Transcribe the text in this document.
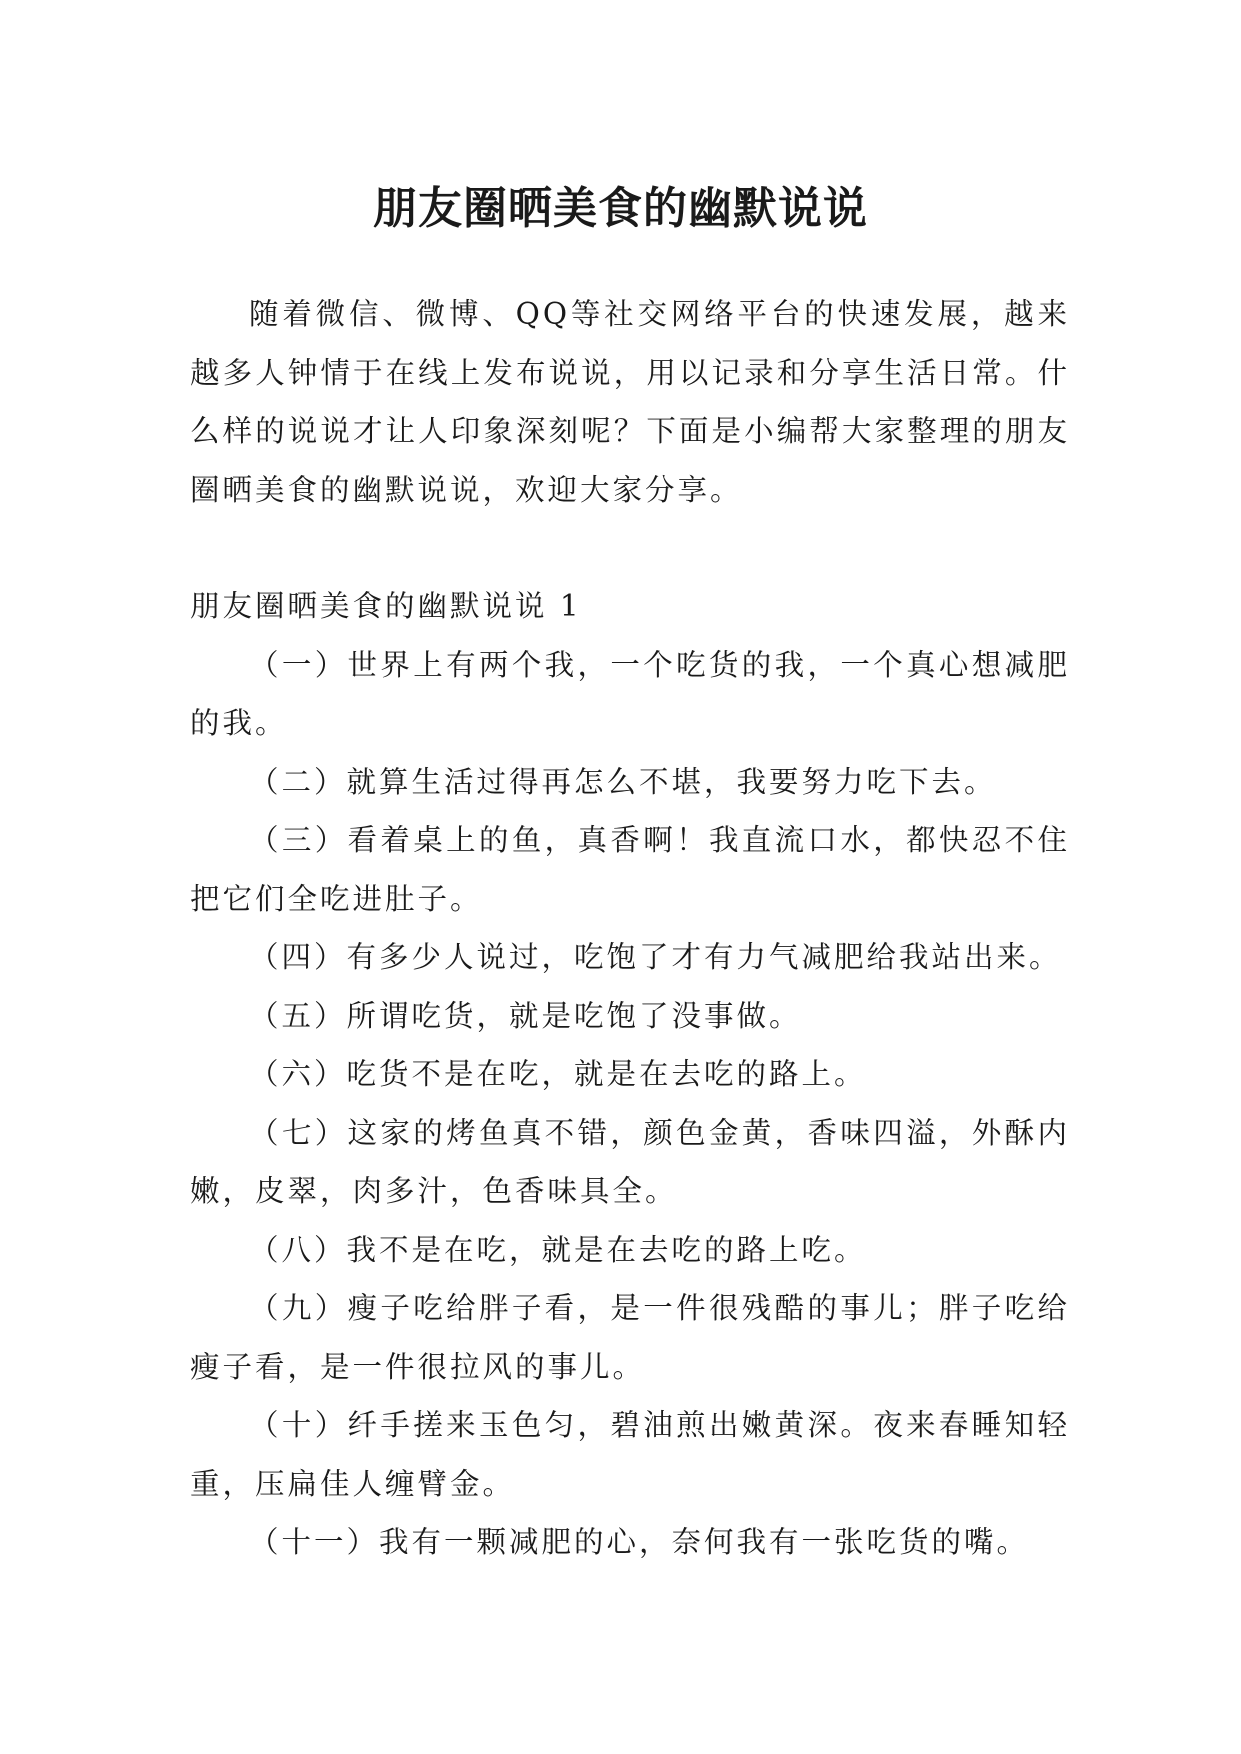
朋友圈晒美食的幽默说说

随着微信、微博、QQ等社交网络平台的快速发展，越来越多人钟情于在线上发布说说，用以记录和分享生活日常。什么样的说说才让人印象深刻呢？下面是小编帮大家整理的朋友圈晒美食的幽默说说，欢迎大家分享。

朋友圈晒美食的幽默说说 1

（一）世界上有两个我，一个吃货的我，一个真心想减肥的我。

（二）就算生活过得再怎么不堪，我要努力吃下去。

（三）看着桌上的鱼，真香啊！我直流口水，都快忍不住把它们全吃进肚子。

（四）有多少人说过，吃饱了才有力气减肥给我站出来。

（五）所谓吃货，就是吃饱了没事做。

（六）吃货不是在吃，就是在去吃的路上。

（七）这家的烤鱼真不错，颜色金黄，香味四溢，外酥内嫩，皮翠，肉多汁，色香味具全。

（八）我不是在吃，就是在去吃的路上吃。

（九）瘦子吃给胖子看，是一件很残酷的事儿；胖子吃给瘦子看，是一件很拉风的事儿。

（十）纤手搓来玉色匀，碧油煎出嫩黄深。夜来春睡知轻重，压扁佳人缠臂金。

（十一）我有一颗减肥的心，奈何我有一张吃货的嘴。
